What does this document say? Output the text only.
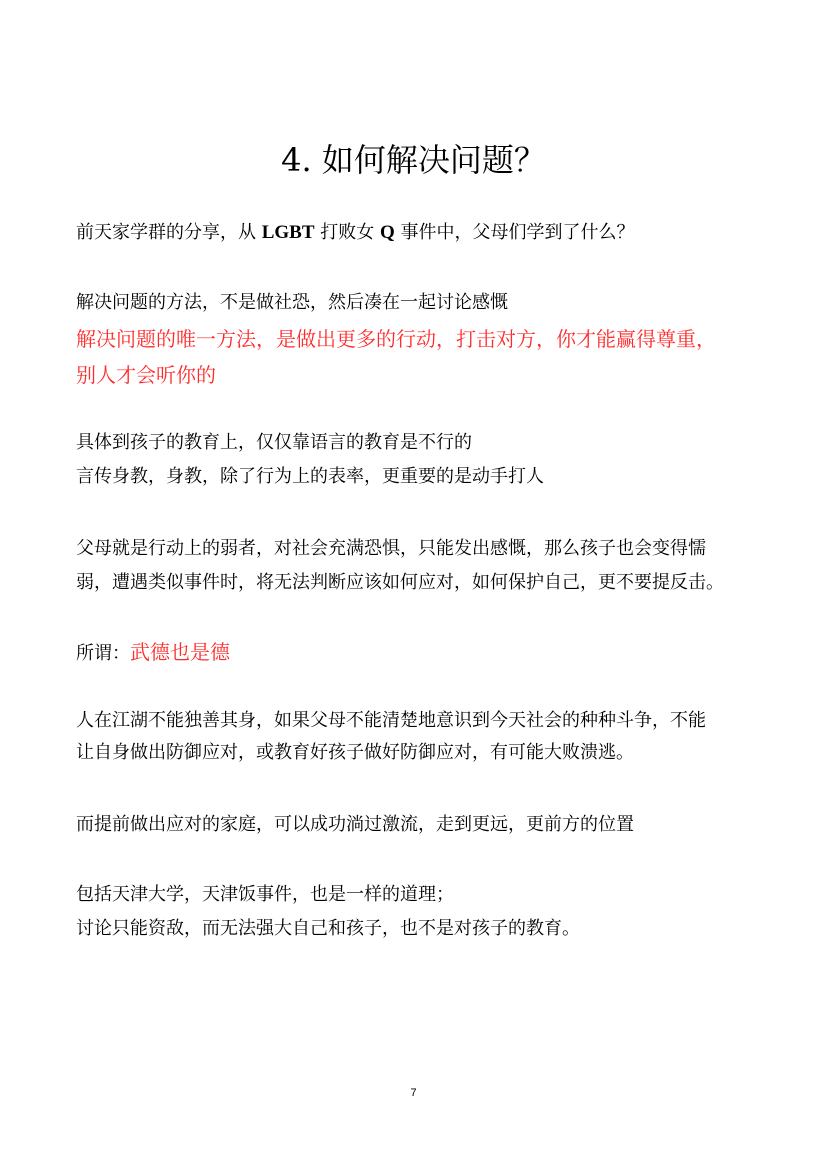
4. 如何解决问题？
前天家学群的分享，从 LGBT 打败女 Q 事件中，父母们学到了什么？
解决问题的方法，不是做社恐，然后凑在一起讨论感慨
解决问题的唯一方法，是做出更多的行动，打击对方，你才能赢得尊重，
别人才会听你的
具体到孩子的教育上，仅仅靠语言的教育是不行的
言传身教，身教，除了行为上的表率，更重要的是动手打人
父母就是行动上的弱者，对社会充满恐惧，只能发出感慨，那么孩子也会变得懦
弱，遭遇类似事件时，将无法判断应该如何应对，如何保护自己，更不要提反击。
所谓：武德也是德
人在江湖不能独善其身，如果父母不能清楚地意识到今天社会的种种斗争，不能
让自身做出防御应对，或教育好孩子做好防御应对，有可能大败溃逃。
而提前做出应对的家庭，可以成功淌过激流，走到更远，更前方的位置
包括天津大学，天津饭事件，也是一样的道理；
讨论只能资敌，而无法强大自己和孩子，也不是对孩子的教育。
7
